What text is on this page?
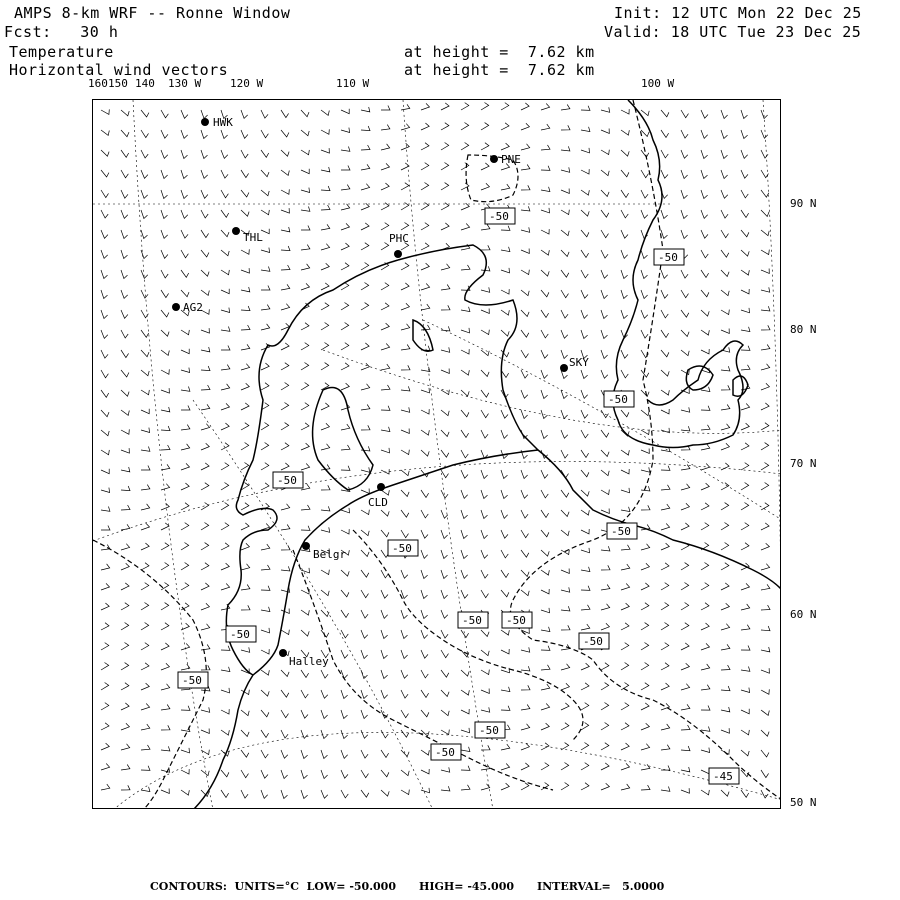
AMPS 8-km WRF -- Ronne Window	Init: 12 UTC Mon 22 Dec 25
Fcst:   30 h	Valid: 18 UTC Tue 23 Dec 25
Temperature	at height =  7.62 km
Horizontal wind vectors	at height =  7.62 km
160 150 140 130 W	120 W	110 W	100 W
90 N
80 N
70 N
60 N
50 N
HWK
PNE
THL	PHC
AG2
SKY
CLD
Belgr
Halley
-50
-50
-50
-50
-50
-50 -50
-50
-50
-50
-50
-50
-50
-45
CONTOURS:  UNITS=°C  LOW= -50.000      HIGH= -45.000      INTERVAL=   5.0000
